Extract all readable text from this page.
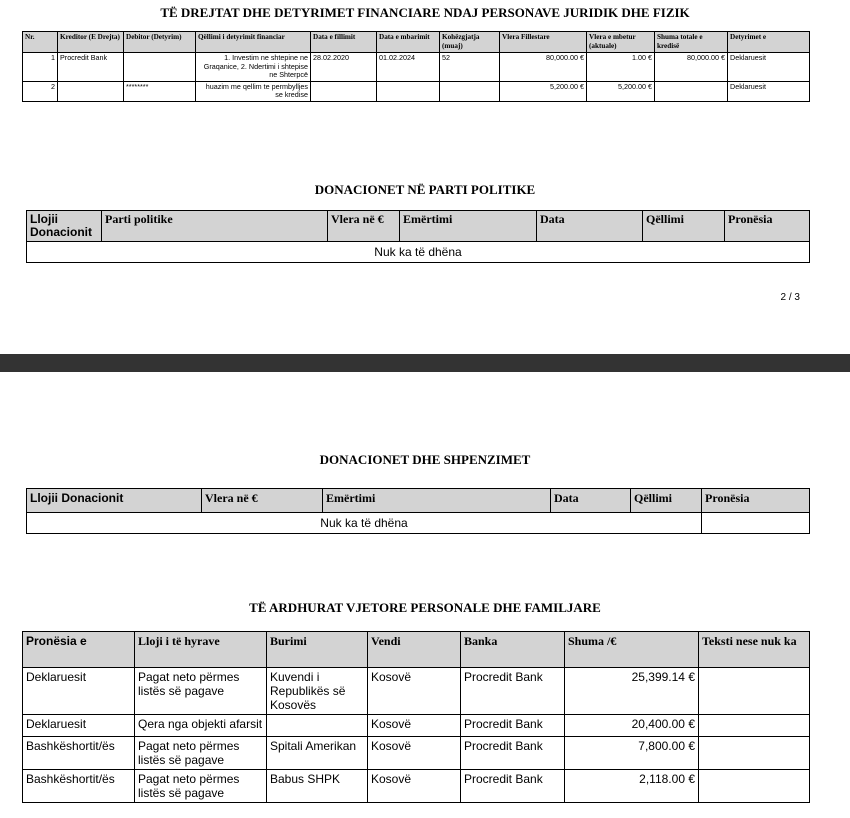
TË DREJTAT DHE DETYRIMET FINANCIARE NDAJ PERSONAVE JURIDIK DHE FIZIK
Nr.	Kreditor (E Drejta)	Debitor (Detyrim)	Qëllimi i detyrimit financiar	Data e fillimit	Data e mbarimit	Kohëzgjatja (muaj)	Vlera Fillestare	Vlera e mbetur (aktuale)	Shuma totale e kredisë	Detyrimet e
1	Procredit Bank		1. Investim ne shtepine ne Graqanice, 2. Ndertimi i shtepise ne Shterpcë	28.02.2020	01.02.2024	52	80,000.00 €	1.00 €	80,000.00 €	Deklaruesit
2		********	huazim me qellim te permbylljes se kredise				5,200.00 €	5,200.00 €		Deklaruesit
DONACIONET NË PARTI POLITIKE
Llojii Donacionit	Parti politike	Vlera në €	Emërtimi	Data	Qëllimi	Pronësia
Nuk ka të dhëna
2 / 3
DONACIONET DHE SHPENZIMET
Llojii Donacionit	Vlera në €	Emërtimi	Data	Qëllimi	Pronësia
Nuk ka të dhëna					
TË ARDHURAT VJETORE PERSONALE DHE FAMILJARE
Pronësia e	Lloji i të hyrave	Burimi	Vendi	Banka	Shuma /€	Teksti nese nuk ka
Deklaruesit	Pagat neto përmes listës së pagave	Kuvendi i Republikës së Kosovës	Kosovë	Procredit Bank	25,399.14 €	
Deklaruesit	Qera nga objekti afarsit		Kosovë	Procredit Bank	20,400.00 €	
Bashkëshortit/ës	Pagat neto përmes listës së pagave	Spitali Amerikan	Kosovë	Procredit Bank	7,800.00 €	
Bashkëshortit/ës	Pagat neto përmes listës së pagave	Babus SHPK	Kosovë	Procredit Bank	2,118.00 €	
